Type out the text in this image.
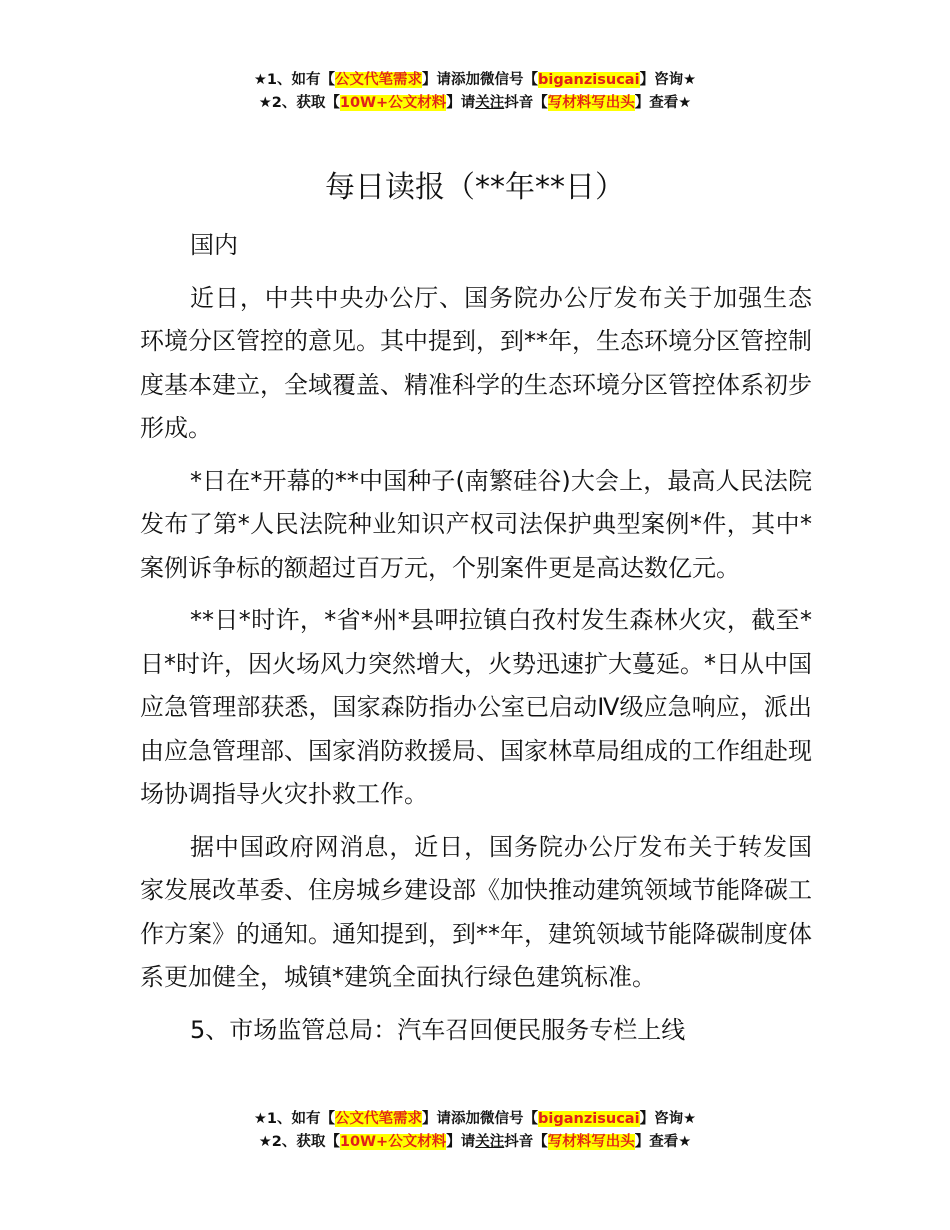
★1、如有【公文代笔需求】请添加微信号【biganzisucai】咨询★
★2、获取【10W+公文材料】请关注抖音【写材料写出头】查看★
每日读报（**年**日）

国内

近日，中共中央办公厅、国务院办公厅发布关于加强生态环境分区管控的意见。其中提到，到**年，生态环境分区管控制度基本建立，全域覆盖、精准科学的生态环境分区管控体系初步形成。

*日在*开幕的**中国种子(南繁硅谷)大会上，最高人民法院发布了第*人民法院种业知识产权司法保护典型案例*件，其中*案例诉争标的额超过百万元，个别案件更是高达数亿元。

**日*时许，*省*州*县呷拉镇白孜村发生森林火灾，截至*日*时许，因火场风力突然增大，火势迅速扩大蔓延。*日从中国应急管理部获悉，国家森防指办公室已启动Ⅳ级应急响应，派出由应急管理部、国家消防救援局、国家林草局组成的工作组赴现场协调指导火灾扑救工作。

据中国政府网消息，近日，国务院办公厅发布关于转发国家发展改革委、住房城乡建设部《加快推动建筑领域节能降碳工作方案》的通知。通知提到，到**年，建筑领域节能降碳制度体系更加健全，城镇*建筑全面执行绿色建筑标准。

5、市场监管总局：汽车召回便民服务专栏上线

★1、如有【公文代笔需求】请添加微信号【biganzisucai】咨询★
★2、获取【10W+公文材料】请关注抖音【写材料写出头】查看★
